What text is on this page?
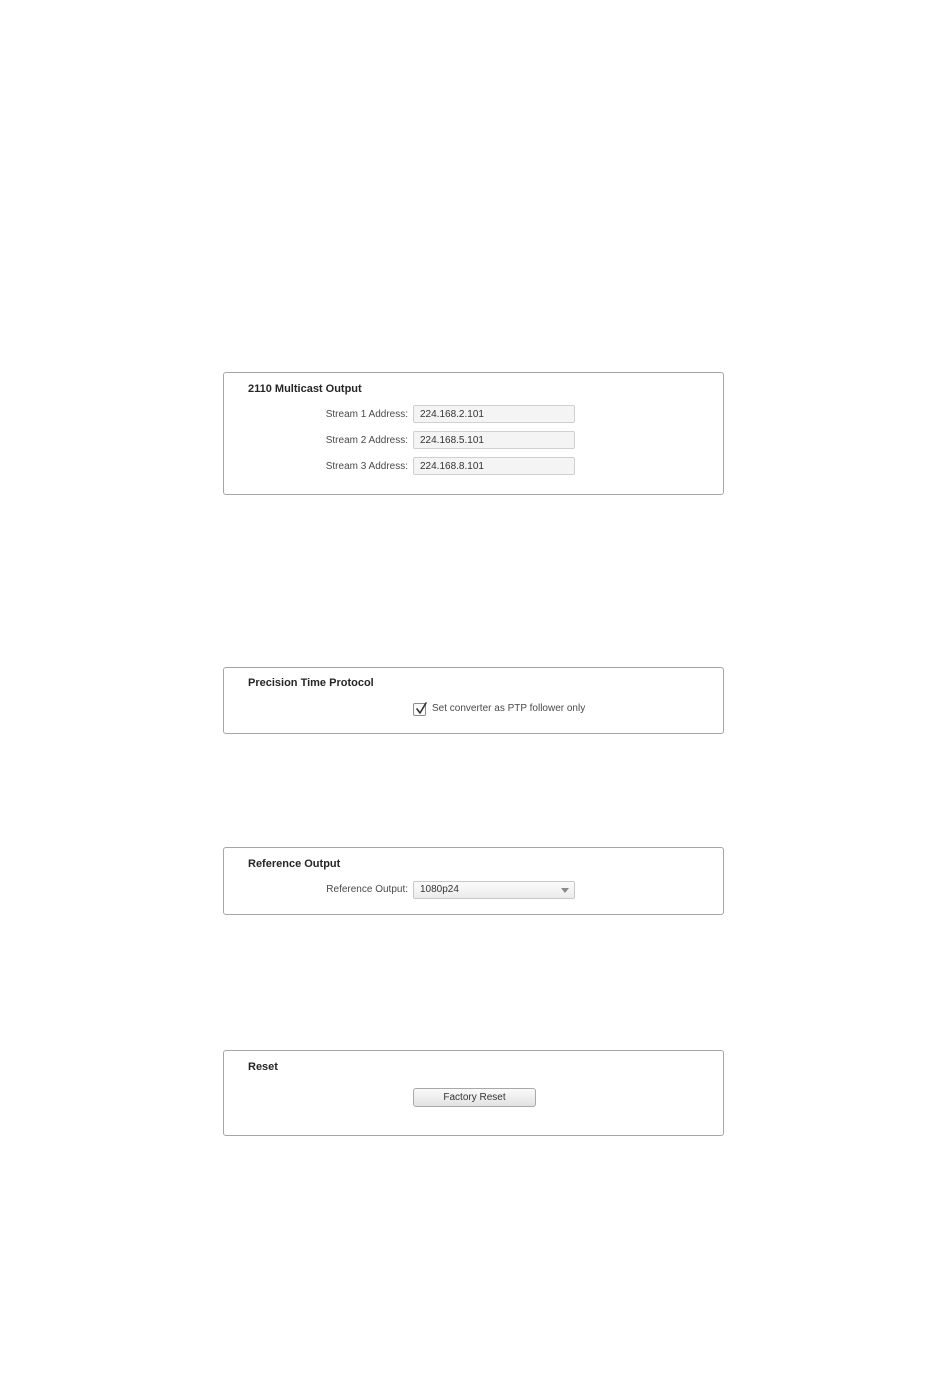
2110 Multicast Output
Stream 1 Address:
224.168.2.101
Stream 2 Address:
224.168.5.101
Stream 3 Address:
224.168.8.101
Precision Time Protocol
Set converter as PTP follower only
Reference Output
Reference Output:	1080p24
Reset
Factory Reset
